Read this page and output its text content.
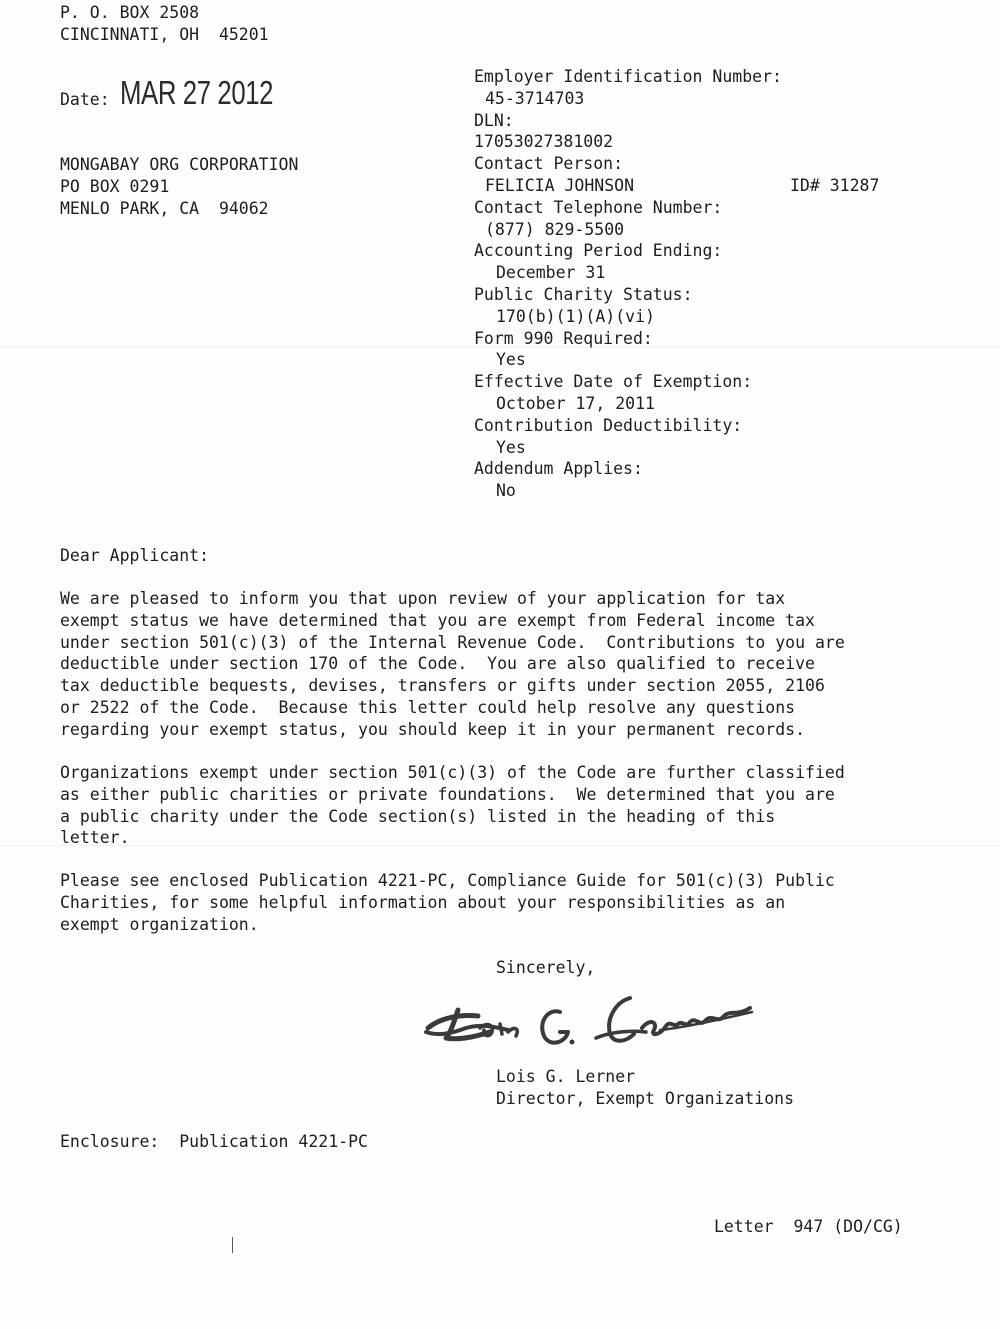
P. O. BOX 2508
CINCINNATI, OH  45201
Date: MAR 27 2012
MONGABAY ORG CORPORATION
PO BOX 0291
MENLO PARK, CA  94062
Employer Identification Number:
45-3714703
DLN:
17053027381002
Contact Person:
FELICIA JOHNSON
Contact Telephone Number:
(877) 829-5500
Accounting Period Ending:
December 31
Public Charity Status:
170(b)(1)(A)(vi)
Form 990 Required:
Yes
Effective Date of Exemption:
October 17, 2011
Contribution Deductibility:
Yes
Addendum Applies:
No
ID# 31287
Dear Applicant:
We are pleased to inform you that upon review of your application for tax
exempt status we have determined that you are exempt from Federal income tax
under section 501(c)(3) of the Internal Revenue Code.  Contributions to you are
deductible under section 170 of the Code.  You are also qualified to receive
tax deductible bequests, devises, transfers or gifts under section 2055, 2106
or 2522 of the Code.  Because this letter could help resolve any questions
regarding your exempt status, you should keep it in your permanent records.
Organizations exempt under section 501(c)(3) of the Code are further classified
as either public charities or private foundations.  We determined that you are
a public charity under the Code section(s) listed in the heading of this
letter.
Please see enclosed Publication 4221-PC, Compliance Guide for 501(c)(3) Public
Charities, for some helpful information about your responsibilities as an
exempt organization.
Sincerely,
Lois G. Lerner
Director, Exempt Organizations
Enclosure:  Publication 4221-PC
Letter  947 (DO/CG)
